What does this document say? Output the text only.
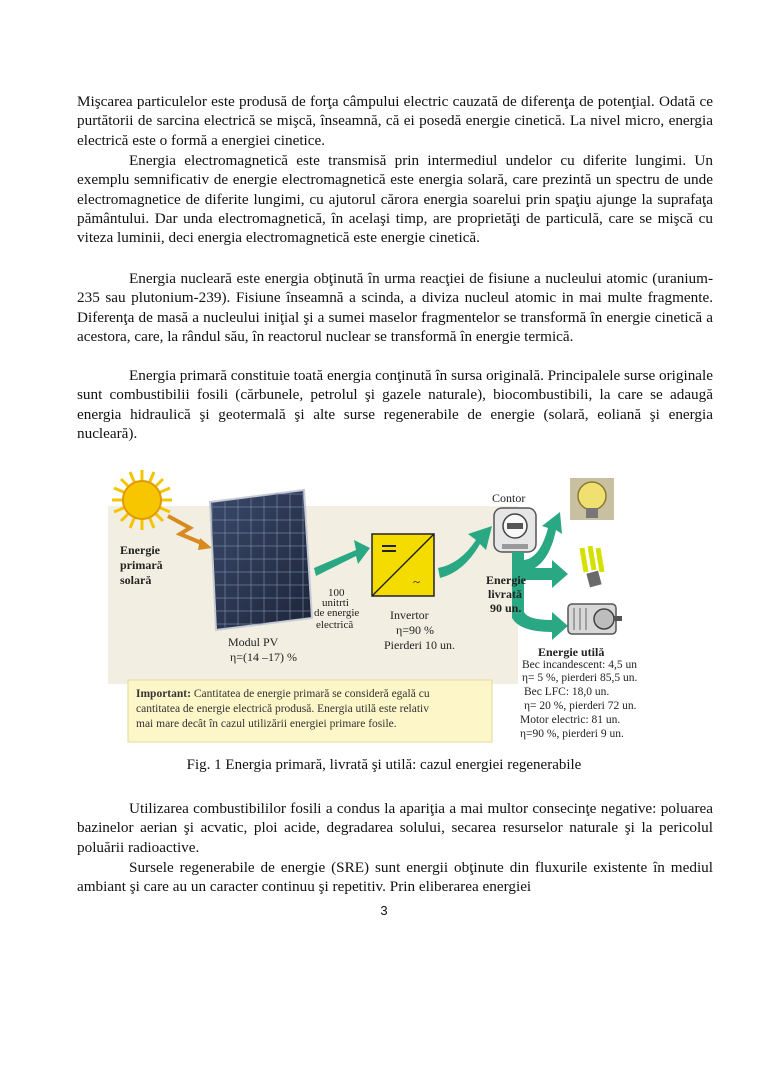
Mişcarea particulelor este produsă de forţa câmpului electric cauzată de diferenţa de potenţial. Odată ce purtătorii de sarcina electrică se mişcă, înseamnă, că ei posedă energie cinetică. La nivel micro, energia electrică este o formă a energiei cinetice.

Energia electromagnetică este transmisă prin intermediul undelor cu diferite lungimi. Un exemplu semnificativ de energie electromagnetică este energia solară, care prezintă un spectru de unde electromagnetice de diferite lungimi, cu ajutorul cărora energia soarelui prin spaţiu ajunge la suprafaţa pământului. Dar unda electromagnetică, în acelaşi timp, are proprietăţi de particulă, care se mişcă cu viteza luminii, deci energia electromagnetică este energie cinetică.

Energia nucleară este energia obţinută în urma reacţiei de fisiune a nucleului atomic (uranium-235 sau plutonium-239). Fisiune înseamnă a scinda, a diviza nucleul atomic in mai multe fragmente. Diferenţa de masă a nucleului iniţial şi a sumei maselor fragmentelor se transformă în energie cinetică a acestora, care, la rândul său, în reactorul nuclear se transformă în energie termică.

Energia primară constituie toată energia conţinută în sursa originală. Principalele surse originale sunt combustibilii fosili (cărbunele, petrolul şi gazele naturale), biocombustibili, la care se adaugă energia hidraulică şi geotermală şi alte surse regenerabile de energie (solară, eoliană şi energia nucleară).

Energie
primară
solară
Modul PV
η=(14 –17) %
100
unitrti
de energie
electrică
~
Invertor
η=90 %
Pierderi 10 un.
Contor
Energie
livrată
90 un.
Energie utilă
Bec incandescent: 4,5 un
η= 5 %, pierderi 85,5 un.
Bec LFC: 18,0 un.
η= 20 %, pierderi 72 un.
Motor electric: 81 un.
η=90 %, pierderi 9 un.
Important: Cantitatea de energie primară se consideră egală cu
cantitatea de energie electrică produsă. Energia utilă este relativ
mai mare decât în cazul utilizării energiei primare fosile.
Fig. 1 Energia primară, livrată şi utilă: cazul energiei regenerabile

Utilizarea combustibililor fosili a condus la apariţia a mai multor consecinţe negative: poluarea bazinelor aerian şi acvatic, ploi acide, degradarea solului, secarea resurselor naturale şi la pericolul poluării radioactive.

Sursele regenerabile de energie (SRE) sunt energii obţinute din fluxurile existente în mediul ambiant şi care au un caracter continuu şi repetitiv. Prin eliberarea energiei

3
